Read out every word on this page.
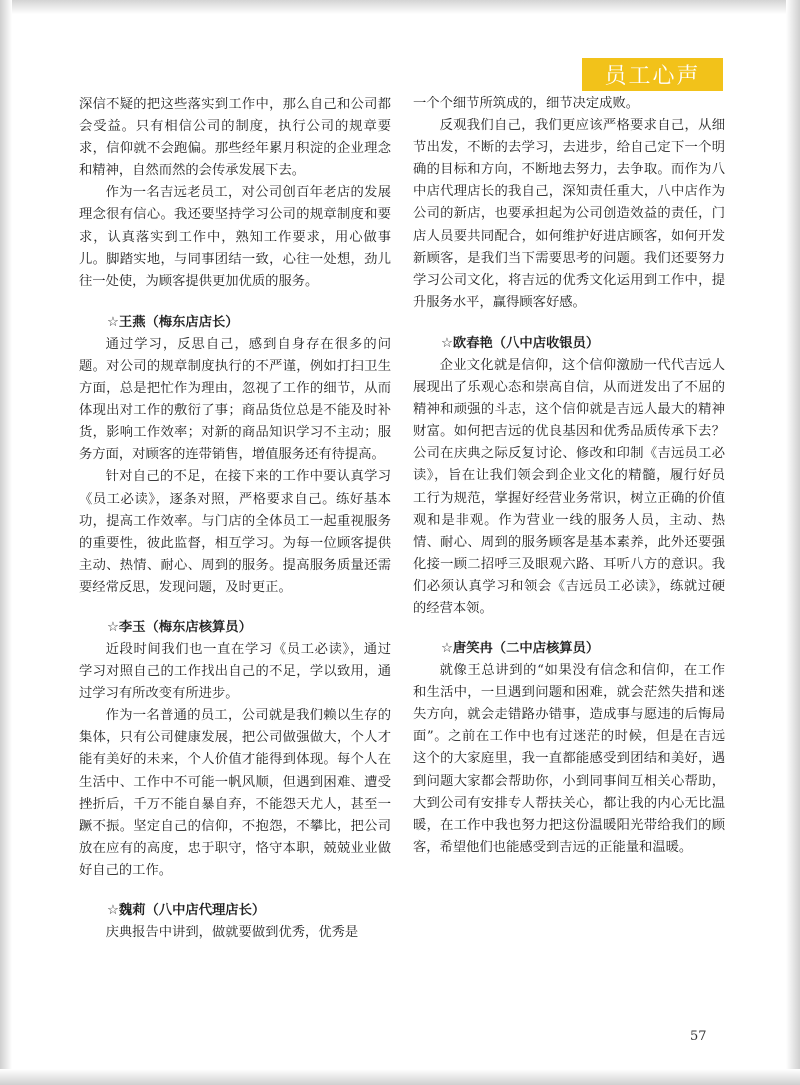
员工心声

深信不疑的把这些落实到工作中，那么自己和公司都会受益。只有相信公司的制度，执行公司的规章要求，信仰就不会跑偏。那些经年累月积淀的企业理念和精神，自然而然的会传承发展下去。

作为一名吉远老员工，对公司创百年老店的发展理念很有信心。我还要坚持学习公司的规章制度和要求，认真落实到工作中，熟知工作要求，用心做事儿。脚踏实地，与同事团结一致，心往一处想，劲儿往一处使，为顾客提供更加优质的服务。

☆王燕（梅东店店长）

通过学习，反思自己，感到自身存在很多的问题。对公司的规章制度执行的不严谨，例如打扫卫生方面，总是把忙作为理由，忽视了工作的细节，从而体现出对工作的敷衍了事；商品货位总是不能及时补货，影响工作效率；对新的商品知识学习不主动；服务方面，对顾客的连带销售，增值服务还有待提高。

针对自己的不足，在接下来的工作中要认真学习《员工必读》，逐条对照，严格要求自己。练好基本功，提高工作效率。与门店的全体员工一起重视服务的重要性，彼此监督，相互学习。为每一位顾客提供主动、热情、耐心、周到的服务。提高服务质量还需要经常反思，发现问题，及时更正。

☆李玉（梅东店核算员）

近段时间我们也一直在学习《员工必读》，通过学习对照自己的工作找出自己的不足，学以致用，通过学习有所改变有所进步。

作为一名普通的员工，公司就是我们赖以生存的集体，只有公司健康发展，把公司做强做大，个人才能有美好的未来，个人价值才能得到体现。每个人在生活中、工作中不可能一帆风顺，但遇到困难、遭受挫折后，千万不能自暴自弃，不能怨天尤人，甚至一蹶不振。坚定自己的信仰，不抱怨，不攀比，把公司放在应有的高度，忠于职守，恪守本职，兢兢业业做好自己的工作。

☆魏莉（八中店代理店长）

庆典报告中讲到，做就要做到优秀，优秀是

一个个细节所筑成的，细节决定成败。

反观我们自己，我们更应该严格要求自己，从细节出发，不断的去学习，去进步，给自己定下一个明确的目标和方向，不断地去努力，去争取。而作为八中店代理店长的我自己，深知责任重大，八中店作为公司的新店，也要承担起为公司创造效益的责任，门店人员要共同配合，如何维护好进店顾客，如何开发新顾客，是我们当下需要思考的问题。我们还要努力学习公司文化，将吉远的优秀文化运用到工作中，提升服务水平，赢得顾客好感。

☆欧春艳（八中店收银员）

企业文化就是信仰，这个信仰激励一代代吉远人展现出了乐观心态和崇高自信，从而迸发出了不屈的精神和顽强的斗志，这个信仰就是吉远人最大的精神财富。如何把吉远的优良基因和优秀品质传承下去？公司在庆典之际反复讨论、修改和印制《吉远员工必读》，旨在让我们领会到企业文化的精髓，履行好员工行为规范，掌握好经营业务常识，树立正确的价值观和是非观。作为营业一线的服务人员，主动、热情、耐心、周到的服务顾客是基本素养，此外还要强化接一顾二招呼三及眼观六路、耳听八方的意识。我们必须认真学习和领会《吉远员工必读》，练就过硬的经营本领。

☆唐笑冉（二中店核算员）

就像王总讲到的“如果没有信念和信仰，在工作和生活中，一旦遇到问题和困难，就会茫然失措和迷失方向，就会走错路办错事，造成事与愿违的后悔局面”。之前在工作中也有过迷茫的时候，但是在吉远这个的大家庭里，我一直都能感受到团结和美好，遇到问题大家都会帮助你，小到同事间互相关心帮助，大到公司有安排专人帮扶关心，都让我的内心无比温暖，在工作中我也努力把这份温暖阳光带给我们的顾客，希望他们也能感受到吉远的正能量和温暖。

57
